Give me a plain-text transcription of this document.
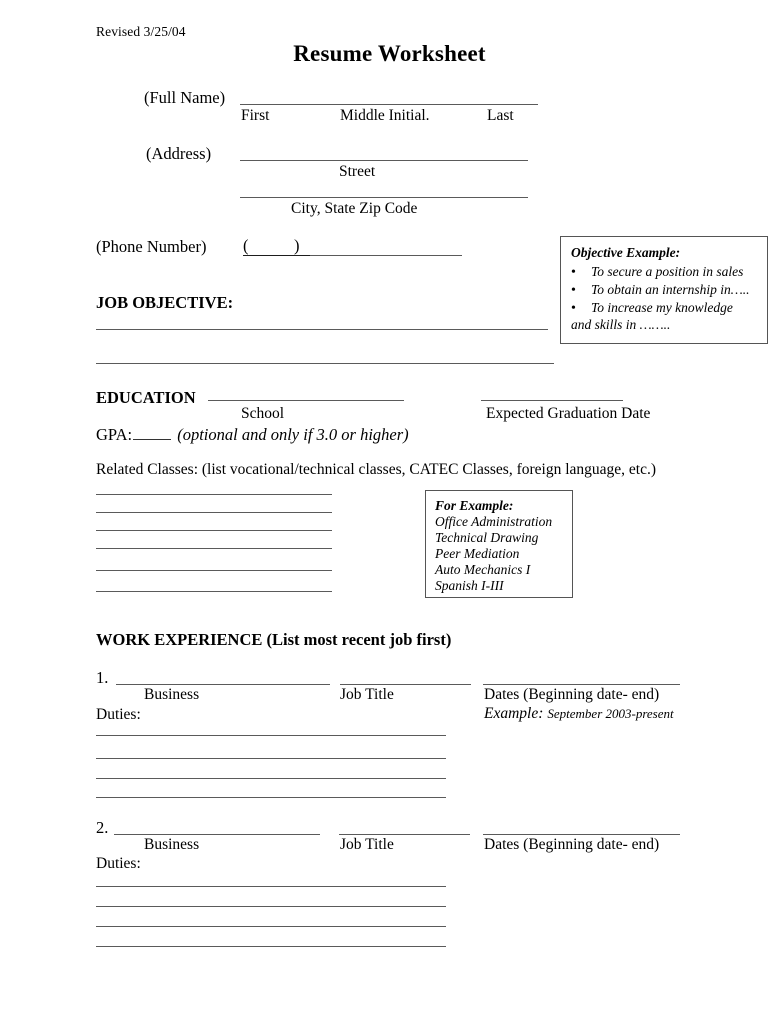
Revised 3/25/04
Resume Worksheet
(Full Name)
First	Middle Initial.	Last
(Address)
Street
City, State Zip Code
(Phone Number) (	)	Objective Example:
•	To secure a position in sales
•	To obtain an internship in…..
•	To increase my knowledge
and skills in ……..
JOB OBJECTIVE:
EDUCATION
School	Expected Graduation Date
GPA:	(optional and only if 3.0 or higher)
Related Classes: (list vocational/technical classes, CATEC Classes, foreign language, etc.)
For Example:
Office Administration
Technical Drawing
Peer Mediation
Auto Mechanics I
Spanish I-III
WORK EXPERIENCE (List most recent job first)
1.
Business	Job Title	Dates (Beginning date- end)
Duties:	Example: September 2003-present
2.
Business	Job Title	Dates (Beginning date- end)
Duties:
